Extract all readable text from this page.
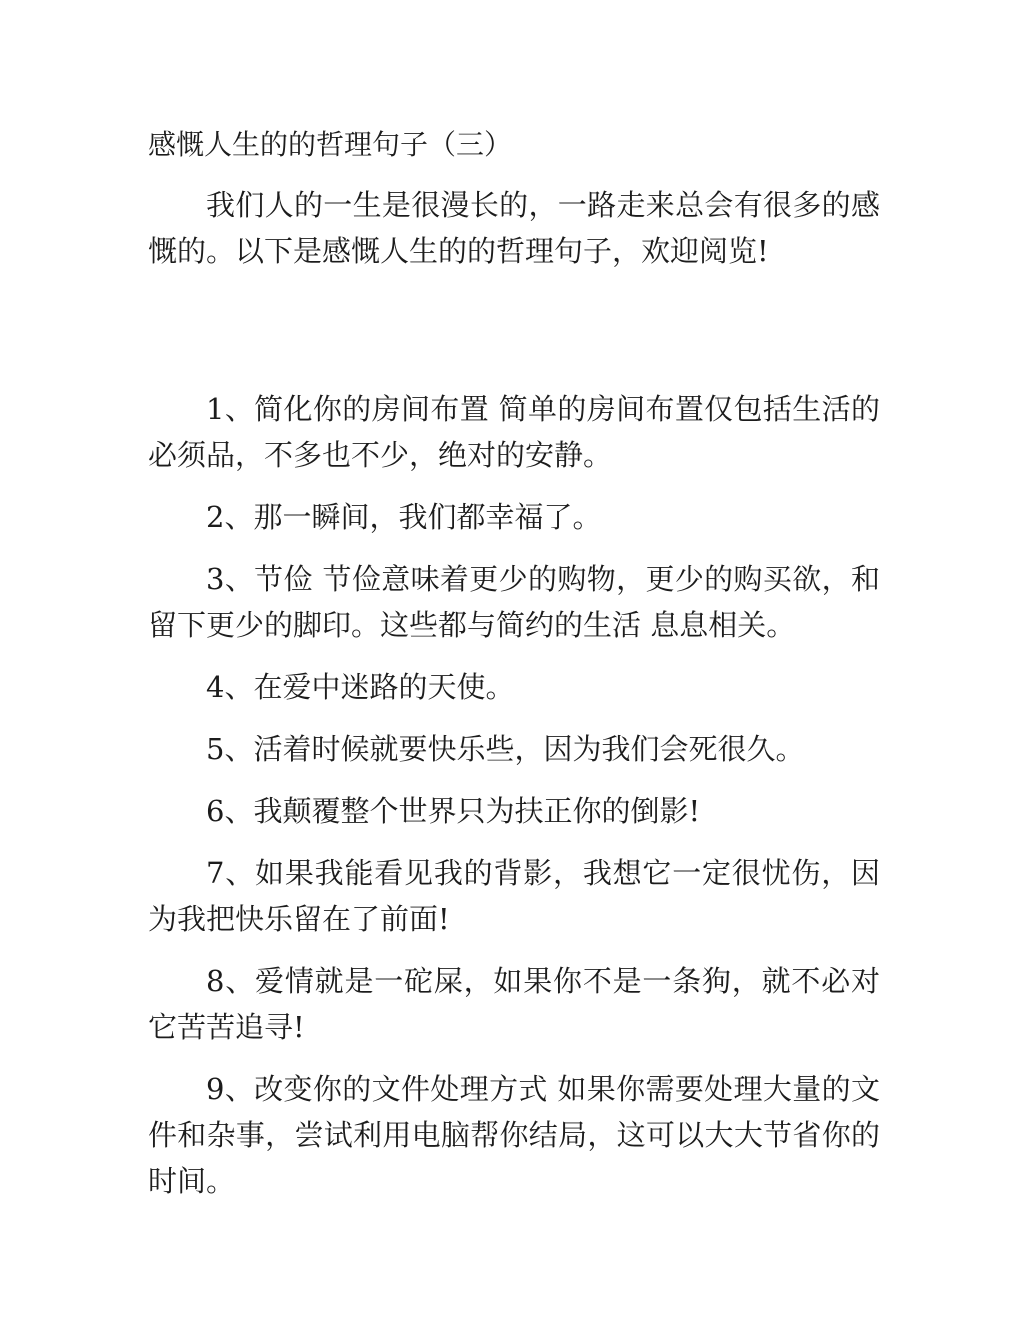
感慨人生的的哲理句子（三）

我们人的一生是很漫长的，一路走来总会有很多的感慨的。以下是感慨人生的的哲理句子，欢迎阅览!

1、简化你的房间布置 简单的房间布置仅包括生活的必须品，不多也不少，绝对的安静。

2、那一瞬间，我们都幸福了。

3、节俭 节俭意味着更少的购物，更少的购买欲，和留下更少的脚印。这些都与简约的生活 息息相关。

4、在爱中迷路的天使。

5、活着时候就要快乐些，因为我们会死很久。

6、我颠覆整个世界只为扶正你的倒影!

7、如果我能看见我的背影，我想它一定很忧伤，因为我把快乐留在了前面!

8、爱情就是一砣屎，如果你不是一条狗，就不必对它苦苦追寻!

9、改变你的文件处理方式 如果你需要处理大量的文件和杂事，尝试利用电脑帮你结局，这可以大大节省你的时间。
